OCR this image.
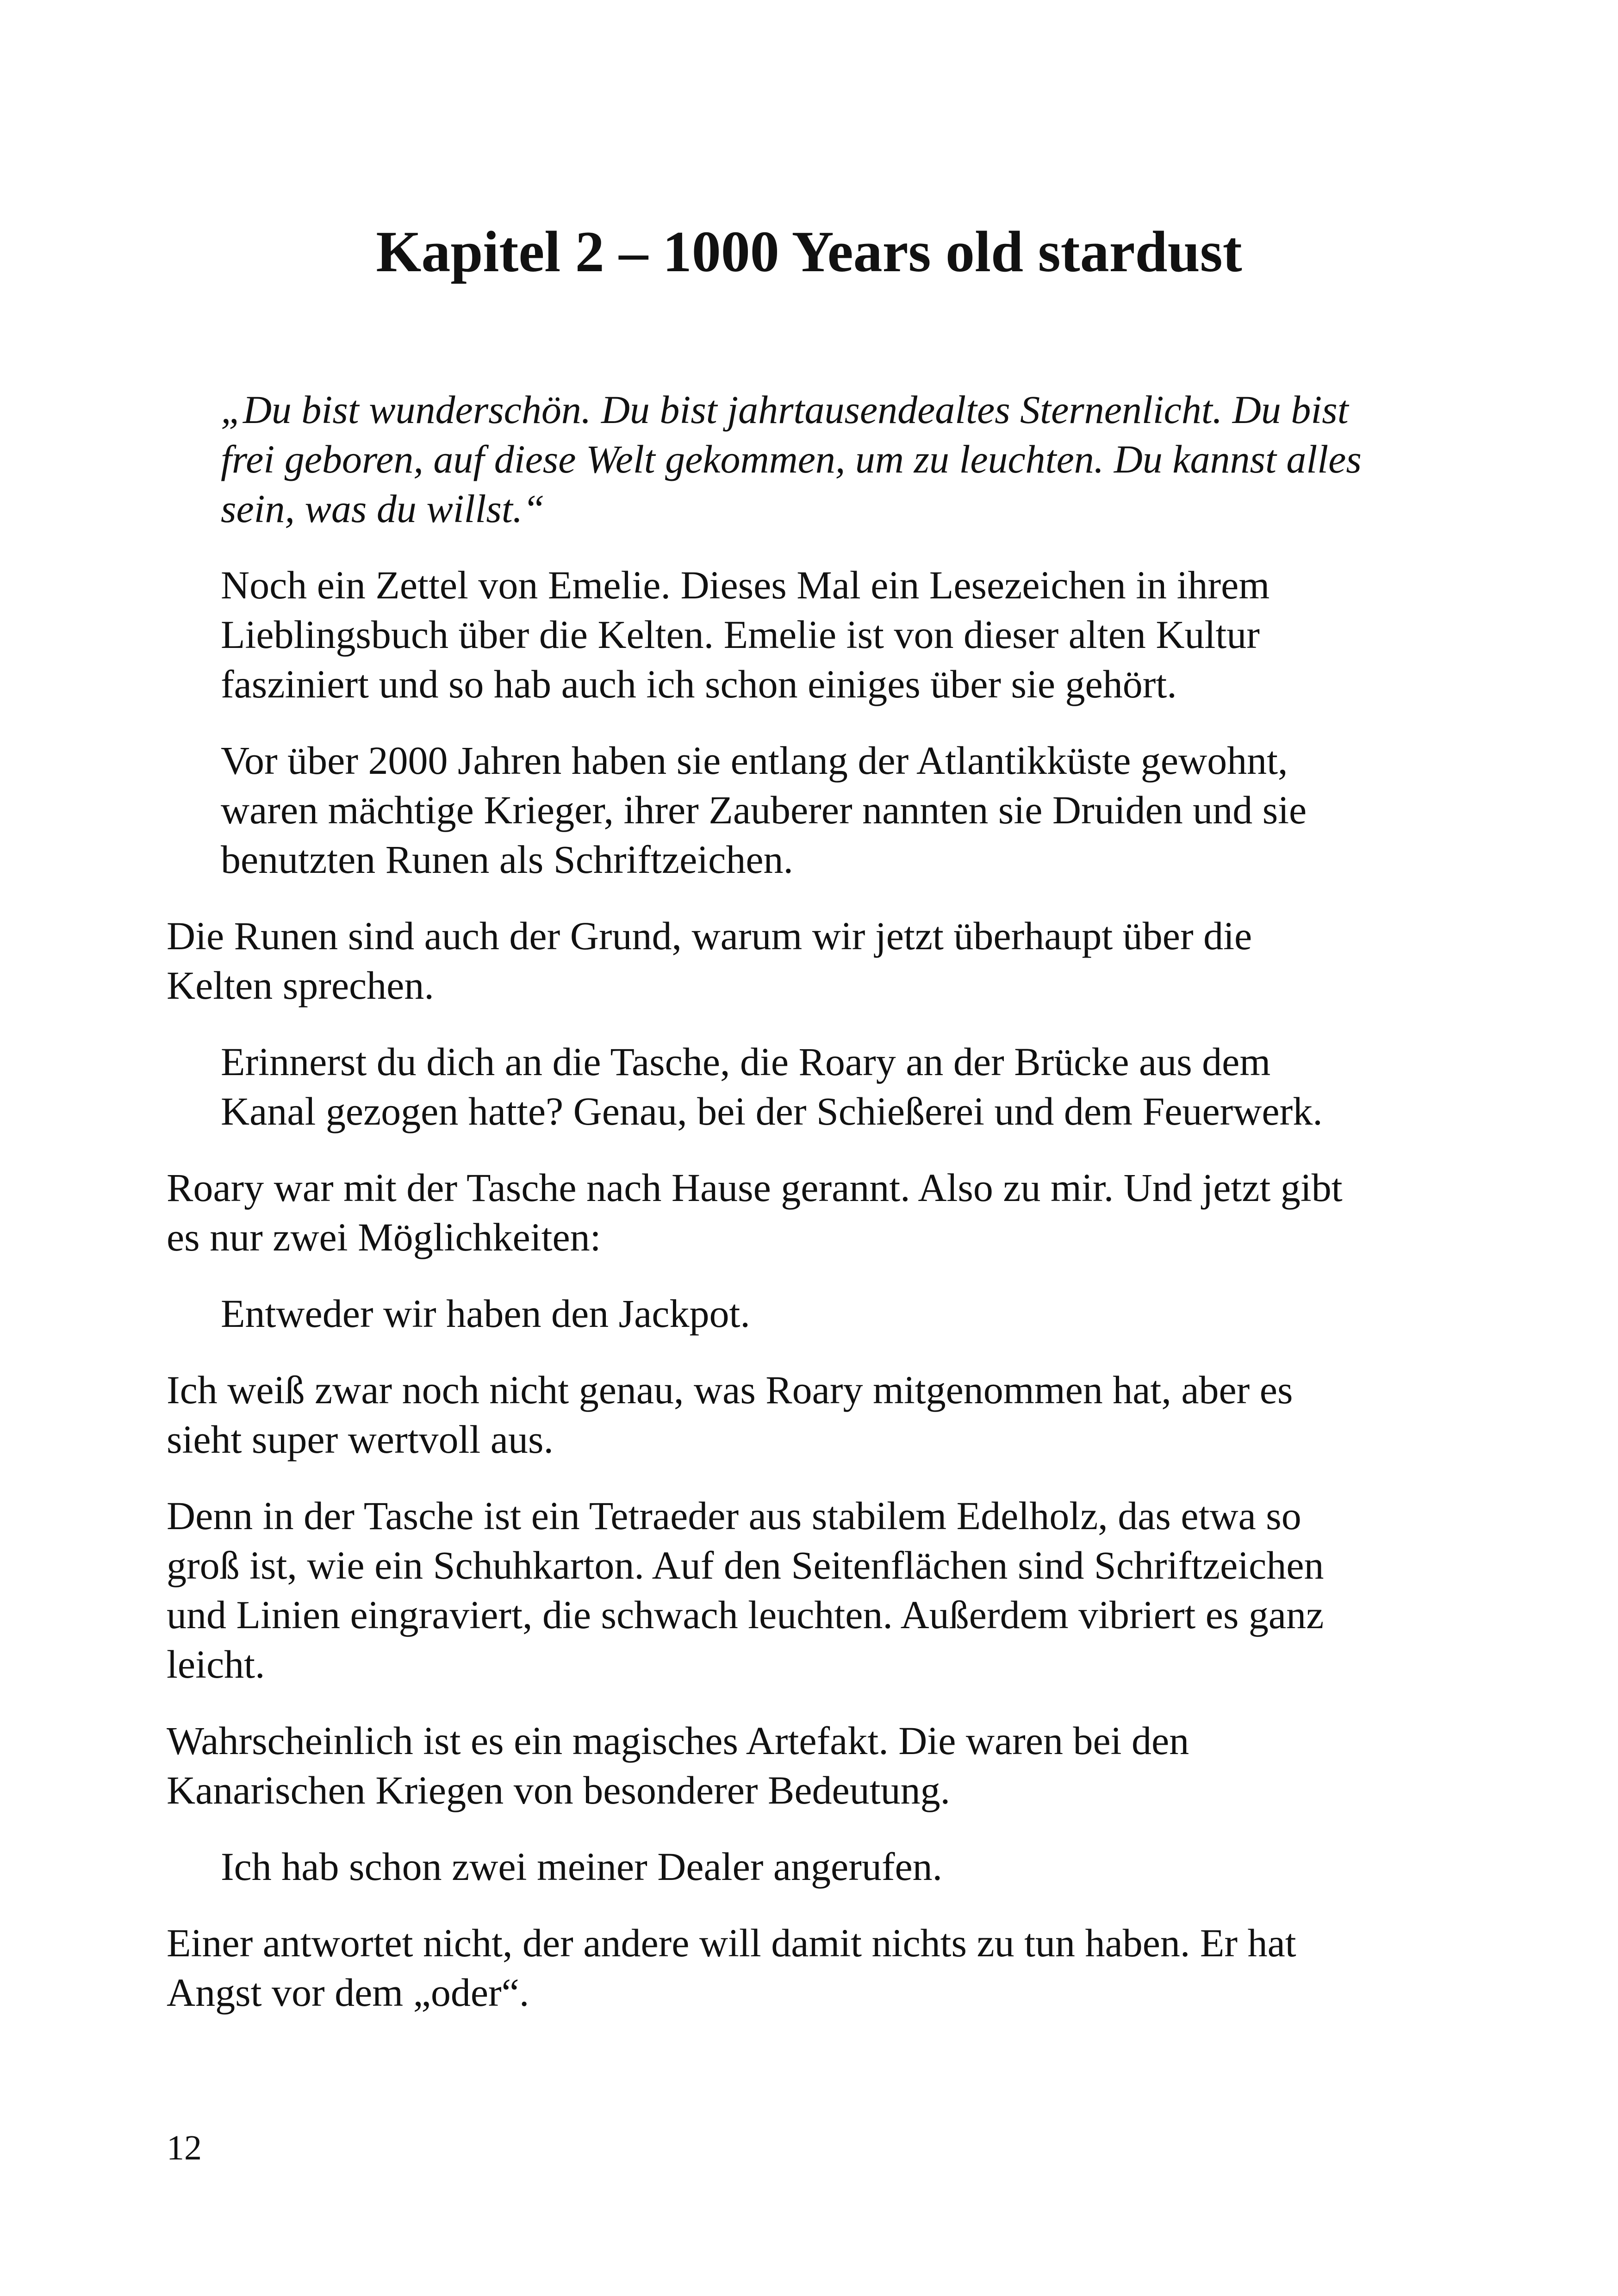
Kapitel 2 – 1000 Years old stardust

„Du bist wunderschön. Du bist jahrtausendealtes Sternenlicht. Du bist
frei geboren, auf diese Welt gekommen, um zu leuchten. Du kannst alles
sein, was du willst.“

Noch ein Zettel von Emelie. Dieses Mal ein Lesezeichen in ihrem
Lieblingsbuch über die Kelten. Emelie ist von dieser alten Kultur
fasziniert und so hab auch ich schon einiges über sie gehört.

Vor über 2000 Jahren haben sie entlang der Atlantikküste gewohnt,
waren mächtige Krieger, ihrer Zauberer nannten sie Druiden und sie
benutzten Runen als Schriftzeichen.

Die Runen sind auch der Grund, warum wir jetzt überhaupt über die
Kelten sprechen.

Erinnerst du dich an die Tasche, die Roary an der Brücke aus dem
Kanal gezogen hatte? Genau, bei der Schießerei und dem Feuerwerk.

Roary war mit der Tasche nach Hause gerannt. Also zu mir. Und jetzt gibt
es nur zwei Möglichkeiten:

Entweder wir haben den Jackpot.

Ich weiß zwar noch nicht genau, was Roary mitgenommen hat, aber es
sieht super wertvoll aus.

Denn in der Tasche ist ein Tetraeder aus stabilem Edelholz, das etwa so
groß ist, wie ein Schuhkarton. Auf den Seitenflächen sind Schriftzeichen
und Linien eingraviert, die schwach leuchten. Außerdem vibriert es ganz
leicht.

Wahrscheinlich ist es ein magisches Artefakt. Die waren bei den
Kanarischen Kriegen von besonderer Bedeutung.

Ich hab schon zwei meiner Dealer angerufen.

Einer antwortet nicht, der andere will damit nichts zu tun haben. Er hat
Angst vor dem „oder“.

12
